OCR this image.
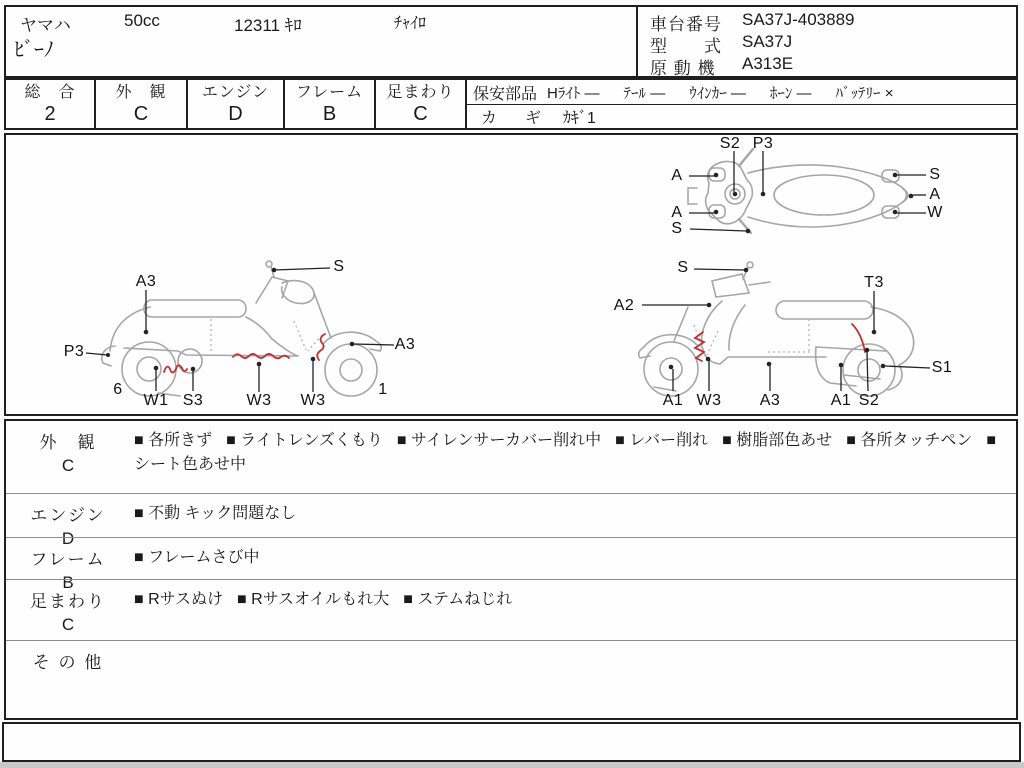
ヤマハ	50cc	12311 ｷﾛ	ﾁｬｲﾛ
ﾋﾞｰﾉ
車台番号	SA37J-403889
型　　式	SA37J
原 動 機	A313E
総　合
2
外　観
C
エンジン
D
フレーム
B
足まわり
C
保安部品 Hﾗｲﾄ — ﾃｰﾙ — ｳｲﾝｶｰ — ﾎｰﾝ — ﾊﾞｯﾃﾘｰ ×
カ　ギ ｶｷﾞ1
A3
S
P3
6
W1 S3	W3 W3
A3
1
S
A2
T3
A1 W3 A3	A1 S2
S1
S2 P3
A
A
S
S
A
W
外　観
C
■ 各所きず ■ ライトレンズくもり ■ サイレンサーカバー削れ中 ■ レバー削れ ■ 樹脂部色あせ ■ 各所タッチペン ■ シート色あせ中
エンジン
D
■ 不動 キック問題なし
フレーム
B
■ フレームさび中
足まわり
C
■ Rサスぬけ ■ Rサスオイルもれ大 ■ ステムねじれ
そ の 他
